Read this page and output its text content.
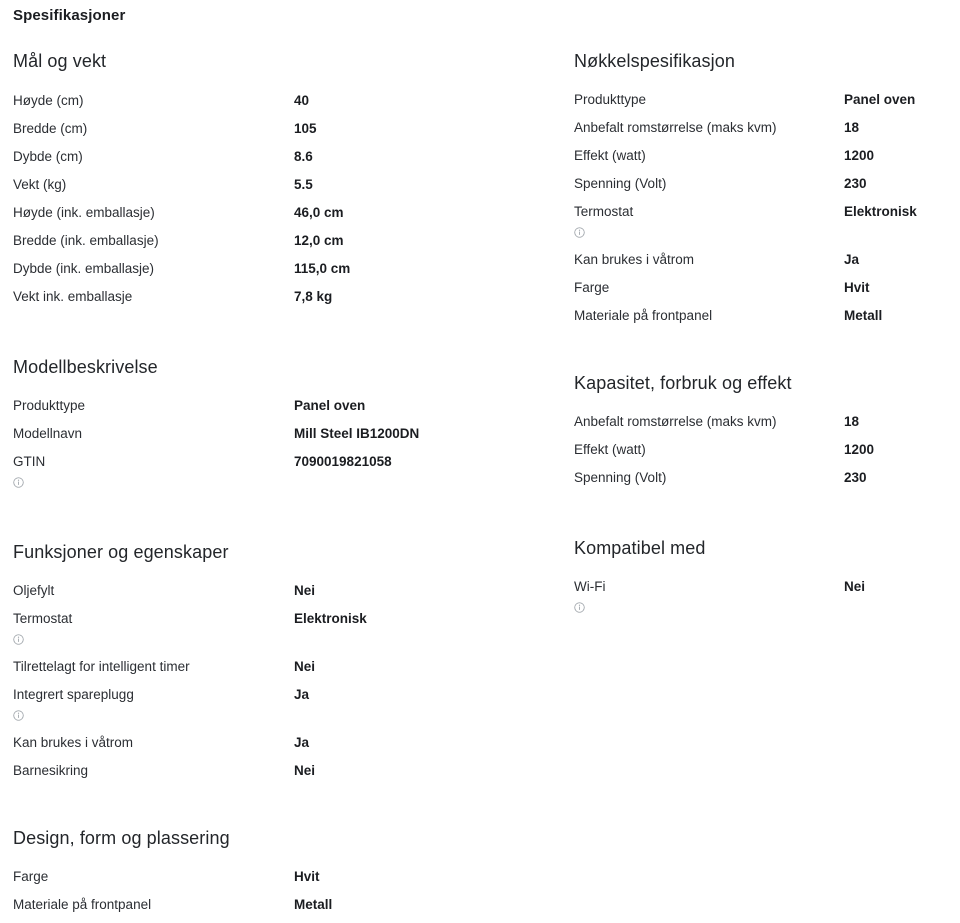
Spesifikasjoner
Mål og vekt
Høyde (cm)	40
Bredde (cm)	105
Dybde (cm)	8.6
Vekt (kg)	5.5
Høyde (ink. emballasje)	46,0 cm
Bredde (ink. emballasje)	12,0 cm
Dybde (ink. emballasje)	115,0 cm
Vekt ink. emballasje	7,8 kg
Modellbeskrivelse
Produkttype	Panel oven
Modellnavn	Mill Steel IB1200DN
GTIN	7090019821058
Funksjoner og egenskaper
Oljefylt	Nei
Termostat	Elektronisk
Tilrettelagt for intelligent timer	Nei
Integrert spareplugg	Ja
Kan brukes i våtrom	Ja
Barnesikring	Nei
Design, form og plassering
Farge	Hvit
Materiale på frontpanel	Metall
Nøkkelspesifikasjon
Produkttype	Panel oven
Anbefalt romstørrelse (maks kvm)	18
Effekt (watt)	1200
Spenning (Volt)	230
Termostat	Elektronisk
Kan brukes i våtrom	Ja
Farge	Hvit
Materiale på frontpanel	Metall
Kapasitet, forbruk og effekt
Anbefalt romstørrelse (maks kvm)	18
Effekt (watt)	1200
Spenning (Volt)	230
Kompatibel med
Wi-Fi	Nei
